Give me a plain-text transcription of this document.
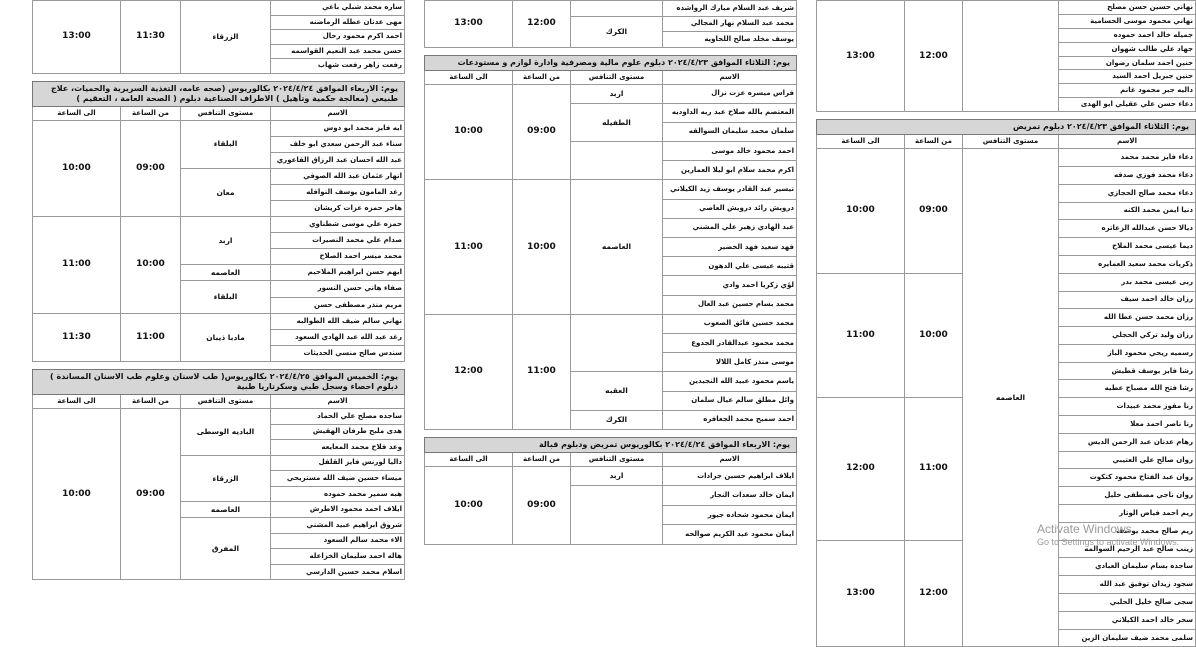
13:00	11:30	الزرقاء	ساره محمد شبلي باغي
			مهى عدنان عطله الرماضنه
			احمد اكرم محمود رحال
			حسن محمد عبد النعيم القواسمه
			رفعت زاهر رفعت شهاب

يوم: الاربعاء الموافق ٢٠٢٤/٤/٢٤ بكالوريوس (صحه عامه، التغذية السريرية والحميات، علاج طبيعي (معالجة حكمية وتأهيل ) الاطراف الصناعية دبلوم ( الصحة العامة ، التعقيم )			
الى الساعة	من الساعة	مستوى التنافس	الاسم
10:00	09:00	البلقاء	ايه فايز محمد ابو دوس
			سناء عبد الرحمن سعدي ابو خلف
			عبد الله احسان عبد الرزاق القاعوري
		معان	انهار عثمان عبد الله الصوفي
			رغد المامون يوسف النوافله
			هاجر حمزه عزات كريشان
11:00	10:00	اربد	حمزه علي موسى شطناوي
			صدام علي محمد النصيرات
			محمد ميسر احمد الصلاح
		العاصمه	ابهم حسن ابراهيم الملاحيم
		البلقاء	صفاء هاني حسن النسور
			مريم منذر مصطفى حسن
11:30	11:00	مادبا ذيبان	نهاني سالم ضيف الله الطوالبه
			رغد عبد الله عبد الهادي السعود
			سندس صالح منسي الحديثات

يوم: الخميس الموافق ٢٠٢٤/٤/٢٥ بكالوريوس( طب لاسنان وعلوم طب الاسنان المساندة ) دبلوم احصاء وسجل طبي وسكرتاريا طبية			
الى الساعة	من الساعة	مستوى التنافس	الاسم
10:00	09:00	الباديه الوسطى	ساجده مصلح علي الحماد
			هدى ملبح طرفان الهقيش
			وعد فلاح محمد المعايعه
		الزرقاء	داليا لورنس فايز القلقل
			ميساء حسين ضيف الله مستريحي
			هبه سمير محمد حموده
		العاصمه	ايلاف احمد محمود الاطرش
		المفرق	شروق ابراهيم عبيد المشني
			الاء محمد سالم السعود
			هاله احمد سليمان الخزاعله
			اسلام محمد حسين الدارسي
13:00	12:00		شريف عبد السلام مبارك الرواشده
		الكرك	محمد عبد السلام نهار المجالي
			يوسف مخلد صالح اللحاويه

يوم: الثلاثاء الموافق ٢٠٢٤/٤/٢٣ دبلوم علوم مالية ومصرفية وادارة لوازم و مستودعات			
الى الساعة	من الساعة	مستوى التنافس	الاسم
10:00	09:00	اربد	فراس ميسره عزت نزال
		الطفيله	المعتصم بالله صلاح عبد ربه الداوديه
			سلمان محمد سليمان السوالقه
			احمد محمود خالد موسى
			اكرم محمد سلام ابو ليلا العمارين
11:00	10:00	العاصمه	تيسير عبد القادر يوسف زيد الكيلاني
			درويش رائد درويش العاصي
			عبد الهادي زهير علي المشني
			فهد سعيد فهد الخضير
			قتيبه عيسى علي الدهون
			لؤي زكريا احمد وادي
			محمد بسام حسين عبد العال
12:00	11:00		محمد حسين فائق الصعوب
			محمد محمود عبدالقادر الجدوع
			موسى منذر كامل اللالا
		العقبه	ياسم محمود عبيد الله النجيدين
			وائل مطلق سالم عيال سلمان
		الكرك	احمد سميح محمد الجعافره

يوم: الاربعاء الموافق ٢٠٢٤/٤/٢٤ بكالوريوس تمريض ودبلوم قبالة			
الى الساعة	من الساعة	مستوى التنافس	الاسم
10:00	09:00	اربد	ايلاف ابراهيم حسين جرادات
			ايمان خالد سعدات النجار
			ايمان محمود شحاده جيور
			ايمان محمود عبد الكريم صوالحه
13:00	12:00		نهاني حسين حسن مصلح
			نهاني محمود موسى الحسامية
			جميله خالد احمد حموده
			جهاد علي طالب شهوان
			حنين احمد سلمان رضوان
			حنين جبريل احمد السيد
			داليه جبر محمود غانم
			دعاء حسن علي عقيلي ابو الهدى

يوم: الثلاثاء الموافق ٢٠٢٤/٤/٢٣ دبلوم تمريض			
الى الساعة	من الساعة	مستوى التنافس	الاسم
10:00	09:00	العاصمه	دعاء فايز محمد محمد
			دعاء محمد فوزي صدقه
			دعاء محمد صالح الحجازي
			دنيا ايمن محمد الكنه
			ديالا حسن عبدالله الزعاتره
			ديما عيسى محمد الملاح
			ذكريات محمد سعيد العمايره
11:00	10:00		ربى عيسى محمد بدر
			رزان خالد احمد سيف
			رزان محمد حسن عطا الله
			رزان وليد تركي الحجلي
			رسميه ريحي محمود الباز
			رشا فايز يوسف قطيش
			رشا فتح الله مصباح عطيه
12:00	11:00		رنا مفوز محمد عبيدات
			رنا ناصر احمد معلا
			رهام عدنان عبد الرحمن الديس
			روان صالح علي العتيبي
			روان عبد الفتاح محمود كتكوت
			روان ناجي مصطفى خليل
			ريم احمد فياض الوتار
			ريم صالح محمد يوسف
13:00	12:00		زينب صالح عبد الرحيم السوالمه
			ساجده بسام سليمان العبادي
			سجود زيدان توفيق عبد الله
			سجى صالح خليل الحلبي
			سحر خالد احمد الكيلاني
			سلمى محمد ضيف سليمان الزين
Activate Windows
Go to Settings to activate Windows.
